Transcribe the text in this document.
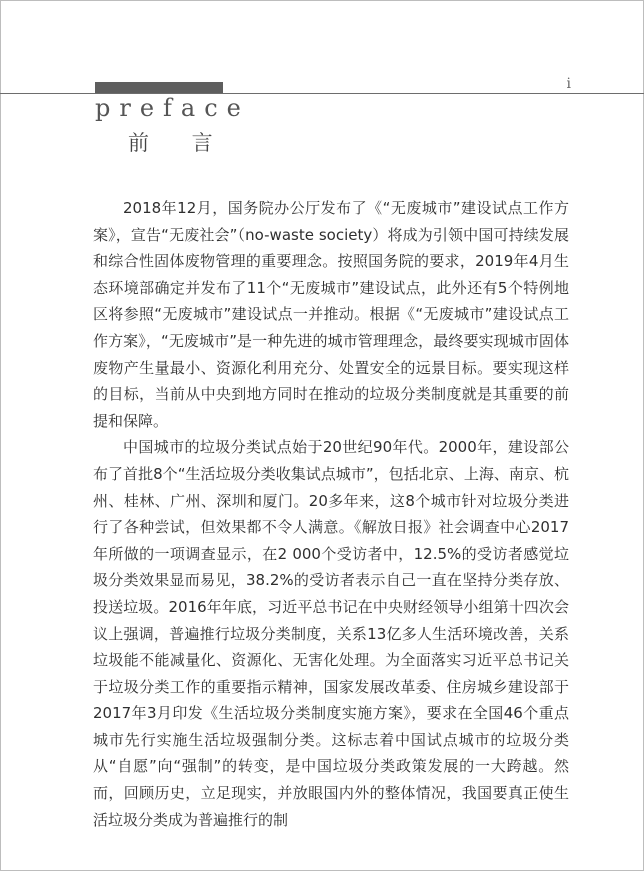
i
preface
前 言

2018年12月，国务院办公厅发布了《“无废城市”建设试点工作方案》，宣告“无废社会”（no-waste society）将成为引领中国可持续发展和综合性固体废物管理的重要理念。按照国务院的要求，2019年4月生态环境部确定并发布了11个“无废城市”建设试点，此外还有5个特例地区将参照“无废城市”建设试点一并推动。根据《“无废城市”建设试点工作方案》，“无废城市”是一种先进的城市管理理念，最终要实现城市固体废物产生量最小、资源化利用充分、处置安全的远景目标。要实现这样的目标，当前从中央到地方同时在推动的垃圾分类制度就是其重要的前提和保障。

中国城市的垃圾分类试点始于20世纪90年代。2000年，建设部公布了首批8个“生活垃圾分类收集试点城市”，包括北京、上海、南京、杭州、桂林、广州、深圳和厦门。20多年来，这8个城市针对垃圾分类进行了各种尝试，但效果都不令人满意。《解放日报》社会调查中心2017年所做的一项调查显示，在2 000个受访者中，12.5%的受访者感觉垃圾分类效果显而易见，38.2%的受访者表示自己一直在坚持分类存放、投送垃圾。2016年年底，习近平总书记在中央财经领导小组第十四次会议上强调，普遍推行垃圾分类制度，关系13亿多人生活环境改善，关系垃圾能不能减量化、资源化、无害化处理。为全面落实习近平总书记关于垃圾分类工作的重要指示精神，国家发展改革委、住房城乡建设部于2017年3月印发《生活垃圾分类制度实施方案》，要求在全国46个重点城市先行实施生活垃圾强制分类。这标志着中国试点城市的垃圾分类从“自愿”向“强制”的转变，是中国垃圾分类政策发展的一大跨越。然而，回顾历史，立足现实，并放眼国内外的整体情况，我国要真正使生活垃圾分类成为普遍推行的制
